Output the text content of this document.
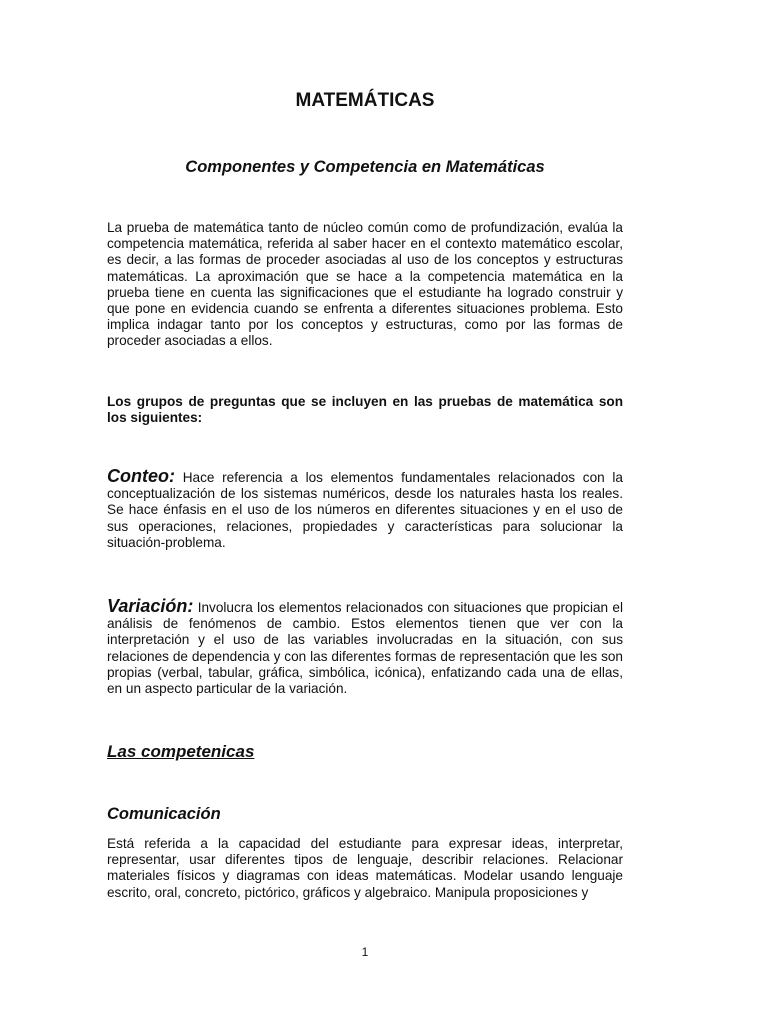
MATEMÁTICAS
Componentes y Competencia en Matemáticas

La prueba de matemática tanto de núcleo común como de profundización, evalúa la competencia matemática, referida al saber hacer en el contexto matemático escolar, es decir, a las formas de proceder asociadas al uso de los conceptos y estructuras matemáticas. La aproximación que se hace a la competencia matemática en la prueba tiene en cuenta las significaciones que el estudiante ha logrado construir y que pone en evidencia cuando se enfrenta a diferentes situaciones problema. Esto implica indagar tanto por los conceptos y estructuras, como por las formas de proceder asociadas a ellos.

Los grupos de preguntas que se incluyen en las pruebas de matemática son los siguientes:

Conteo: Hace referencia a los elementos fundamentales relacionados con la conceptualización de los sistemas numéricos, desde los naturales hasta los reales. Se hace énfasis en el uso de los números en diferentes situaciones y en el uso de sus operaciones, relaciones, propiedades y características para solucionar la situación-problema.

Variación: Involucra los elementos relacionados con situaciones que propician el análisis de fenómenos de cambio. Estos elementos tienen que ver con la interpretación y el uso de las variables involucradas en la situación, con sus relaciones de dependencia y con las diferentes formas de representación que les son propias (verbal, tabular, gráfica, simbólica, icónica), enfatizando cada una de ellas, en un aspecto particular de la variación.

Las competenicas
Comunicación

Está referida a la capacidad del estudiante para expresar ideas, interpretar, representar, usar diferentes tipos de lenguaje, describir relaciones. Relacionar materiales físicos y diagramas con ideas matemáticas. Modelar usando lenguaje escrito, oral, concreto, pictórico, gráficos y algebraico. Manipula proposiciones y

1
